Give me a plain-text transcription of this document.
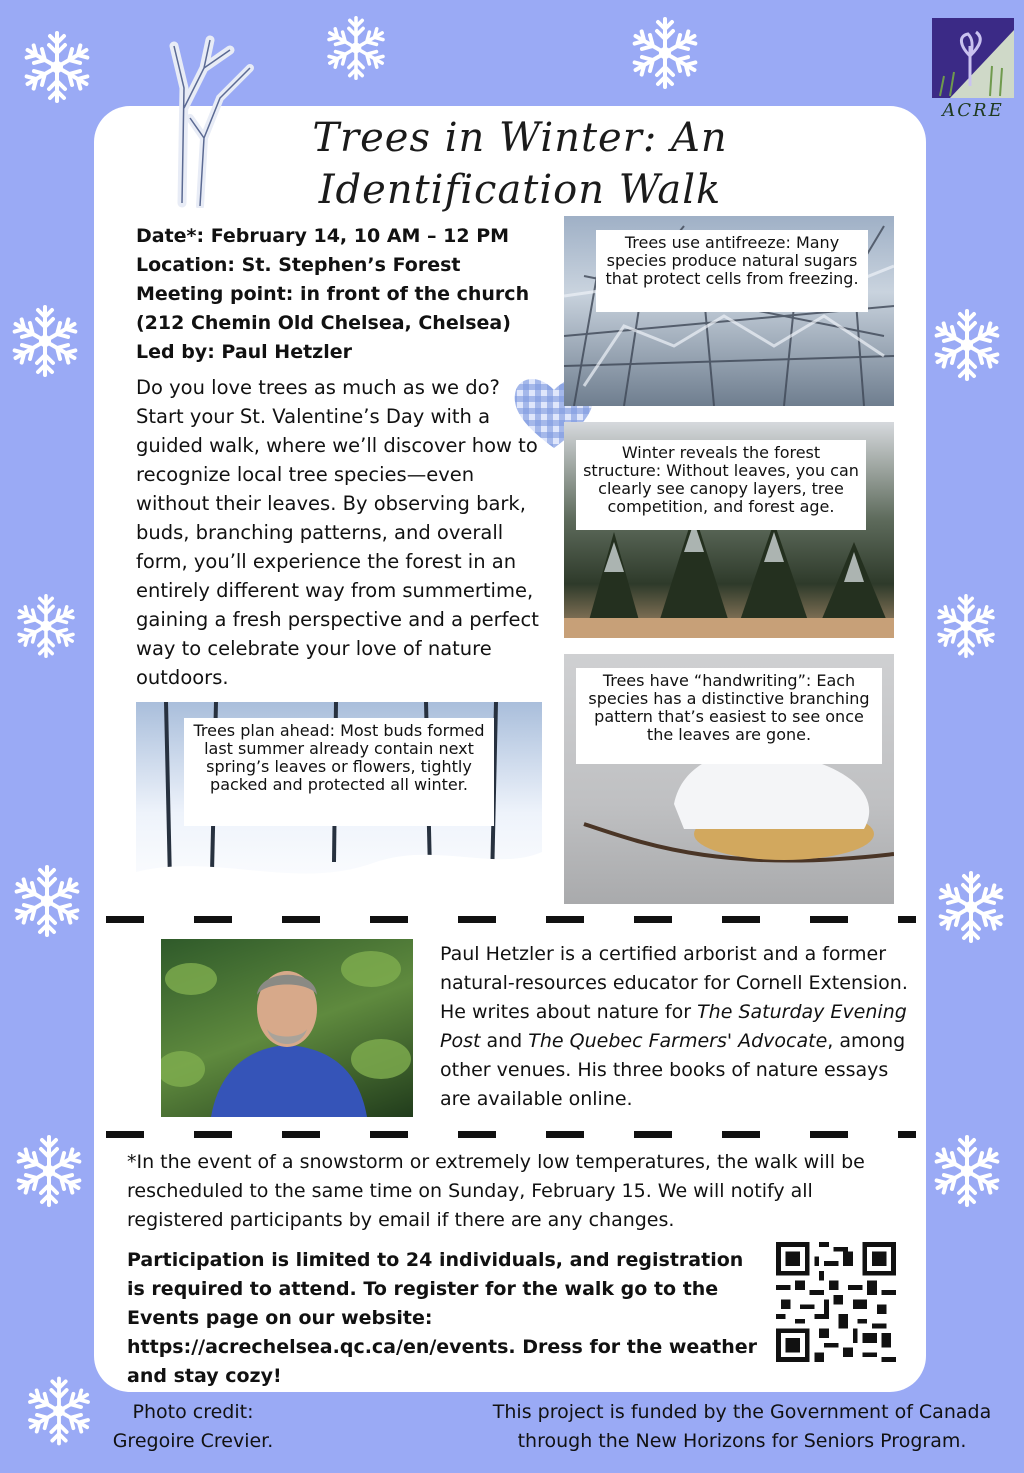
ACRE
Trees in Winter: An
Identification Walk
Date*: February 14, 10 AM – 12 PM
Location: St. Stephen’s Forest
Meeting point: in front of the church
(212 Chemin Old Chelsea, Chelsea)
Led by: Paul Hetzler
Do you love trees as much as we do? Start your St. Valentine’s Day with a guided walk, where we’ll discover how to recognize local tree species—even without their leaves. By observing bark, buds, branching patterns, and overall form, you’ll experience the forest in an entirely different way from summertime, gaining a fresh perspective and a perfect way to celebrate your love of nature outdoors.
Trees use antifreeze: Many species produce natural sugars that protect cells from freezing.
Winter reveals the forest structure: Without leaves, you can clearly see canopy layers, tree competition, and forest age.
Trees plan ahead: Most buds formed last summer already contain next spring’s leaves or flowers, tightly packed and protected all winter.
Trees have “handwriting”: Each species has a distinctive branching pattern that’s easiest to see once the leaves are gone.
Paul Hetzler is a certified arborist and a former natural-resources educator for Cornell Extension. He writes about nature for The Saturday Evening Post and The Quebec Farmers' Advocate, among other venues. His three books of nature essays are available online.
*In the event of a snowstorm or extremely low temperatures, the walk will be rescheduled to the same time on Sunday, February 15. We will notify all registered participants by email if there are any changes.
Participation is limited to 24 individuals, and registration is required to attend. To register for the walk go to the Events page on our website: https://acrechelsea.qc.ca/en/events. Dress for the weather and stay cozy!
Photo credit:
Gregoire Crevier.
This project is funded by the Government of Canada
through the New Horizons for Seniors Program.
